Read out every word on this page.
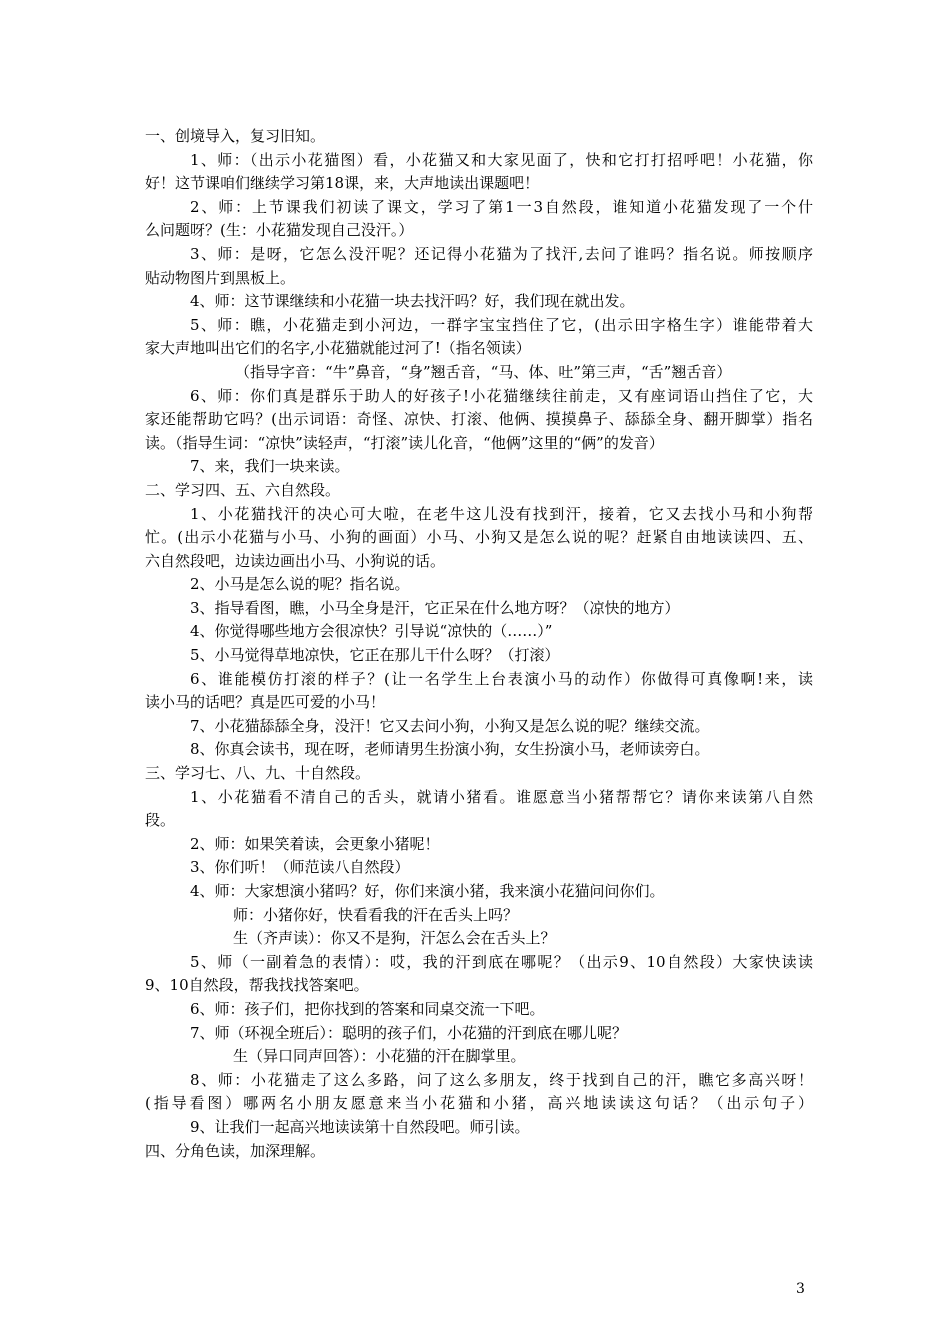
一、创境导入，复习旧知。
1、师：（出示小花猫图）看，小花猫又和大家见面了，快和它打打招呼吧！小花猫，你
好！这节课咱们继续学习第18课，来，大声地读出课题吧！
2、师：上节课我们初读了课文，学习了第1一3自然段，谁知道小花猫发现了一个什
么问题呀？(生：小花猫发现自己没汗。）
3、师：是呀，它怎么没汗呢？还记得小花猫为了找汗,去问了谁吗？指名说。师按顺序
贴动物图片到黑板上。
4、师：这节课继续和小花猫一块去找汗吗？好，我们现在就出发。
5、师：瞧，小花猫走到小河边，一群字宝宝挡住了它，(出示田字格生字）谁能带着大
家大声地叫出它们的名字,小花猫就能过河了!（指名领读）
（指导字音：“牛”鼻音，“身”翘舌音，“马、体、吐”第三声，“舌”翘舌音）
6、师：你们真是群乐于助人的好孩子!小花猫继续往前走，又有座词语山挡住了它，大
家还能帮助它吗？(出示词语：奇怪、凉快、打滚、他俩、摸摸鼻子、舔舔全身、翻开脚掌）指名
读。（指导生词：“凉快”读轻声，“打滚”读儿化音，“他俩”这里的“俩”的发音）
7、来，我们一块来读。
二、学习四、五、六自然段。
1、小花猫找汗的决心可大啦，在老牛这儿没有找到汗，接着，它又去找小马和小狗帮
忙。(出示小花猫与小马、小狗的画面）小马、小狗又是怎么说的呢？赶紧自由地读读四、五、
六自然段吧，边读边画出小马、小狗说的话。
2、小马是怎么说的呢？指名说。
3、指导看图，瞧，小马全身是汗，它正呆在什么地方呀？（凉快的地方）
4、你觉得哪些地方会很凉快？引导说“凉快的（……）”
5、小马觉得草地凉快，它正在那儿干什么呀？（打滚）
6、谁能模仿打滚的样子？(让一名学生上台表演小马的动作）你做得可真像啊!来，读
读小马的话吧？真是匹可爱的小马！
7、小花猫舔舔全身，没汗！它又去问小狗，小狗又是怎么说的呢？继续交流。
8、你真会读书，现在呀，老师请男生扮演小狗，女生扮演小马，老师读旁白。
三、学习七、八、九、十自然段。
1、小花猫看不清自己的舌头，就请小猪看。谁愿意当小猪帮帮它？请你来读第八自然
段。
2、师：如果笑着读，会更象小猪呢！
3、你们听！（师范读八自然段）
4、师：大家想演小猪吗？好，你们来演小猪，我来演小花猫问问你们。
师：小猪你好，快看看我的汗在舌头上吗？
生（齐声读）：你又不是狗，汗怎么会在舌头上？
5、师（一副着急的表情）：哎，我的汗到底在哪呢？（出示9、10自然段）大家快读读
9、10自然段，帮我找找答案吧。
6、师：孩子们，把你找到的答案和同桌交流一下吧。
7、师（环视全班后）：聪明的孩子们，小花猫的汗到底在哪儿呢？
生（异口同声回答）：小花猫的汗在脚掌里。
8、师：小花猫走了这么多路，问了这么多朋友，终于找到自己的汗，瞧它多高兴呀！
(指导看图）哪两名小朋友愿意来当小花猫和小猪，高兴地读读这句话？（出示句子）
9、让我们一起高兴地读读第十自然段吧。师引读。
四、分角色读，加深理解。
3
